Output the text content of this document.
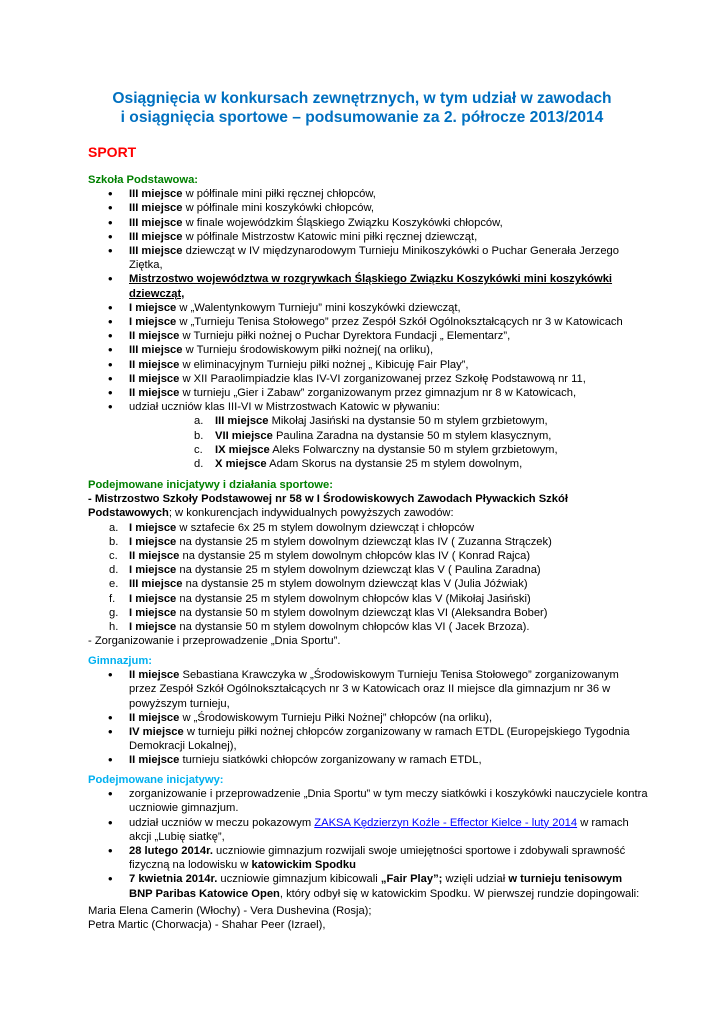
Osiągnięcia w konkursach zewnętrznych, w tym udział w zawodach
i osiągnięcia sportowe – podsumowanie za 2. półrocze 2013/2014
SPORT
Szkoła Podstawowa:
• III miejsce w półfinale mini piłki ręcznej chłopców,
• III miejsce w półfinale mini koszykówki chłopców,
• III miejsce w finale wojewódzkim Śląskiego Związku Koszykówki chłopców,
• III miejsce w półfinale Mistrzostw Katowic mini piłki ręcznej dziewcząt,
• III miejsce dziewcząt w IV międzynarodowym Turnieju Minikoszykówki o Puchar Generała Jerzego Ziętka,
• Mistrzostwo województwa w rozgrywkach Śląskiego Związku Koszykówki mini koszykówki dziewcząt,
• I miejsce w „Walentynkowym Turnieju” mini koszykówki dziewcząt,
• I miejsce w „Turnieju Tenisa Stołowego” przez Zespół Szkół Ogólnokształcących nr 3 w Katowicach
• II miejsce w Turnieju piłki nożnej o Puchar Dyrektora Fundacji „ Elementarz”,
• III miejsce w Turnieju środowiskowym piłki nożnej( na orliku),
• II miejsce w eliminacyjnym Turnieju piłki nożnej „ Kibicuję Fair Play”,
• II miejsce w XII Paraolimpiadzie klas IV-VI zorganizowanej przez Szkołę Podstawową nr 11,
• II miejsce w turnieju „Gier i Zabaw” zorganizowanym przez gimnazjum nr 8 w Katowicach,
• udział uczniów klas III-VI w Mistrzostwach Katowic w pływaniu:
a. III miejsce Mikołaj Jasiński na dystansie 50 m stylem grzbietowym,
b. VII miejsce Paulina Zaradna na dystansie 50 m stylem klasycznym,
c. IX miejsce Aleks Folwarczny na dystansie 50 m stylem grzbietowym,
d. X miejsce Adam Skorus na dystansie 25 m stylem dowolnym,
Podejmowane inicjatywy i działania sportowe:
- Mistrzostwo Szkoły Podstawowej nr 58 w I Środowiskowych Zawodach Pływackich Szkół
Podstawowych; w konkurencjach indywidualnych powyższych zawodów:
a. I miejsce w sztafecie 6x 25 m stylem dowolnym dziewcząt i chłopców
b. I miejsce na dystansie 25 m stylem dowolnym dziewcząt klas IV ( Zuzanna Strączek)
c. II miejsce na dystansie 25 m stylem dowolnym chłopców klas IV ( Konrad Rajca)
d. I miejsce na dystansie 25 m stylem dowolnym dziewcząt klas V ( Paulina Zaradna)
e. III miejsce na dystansie 25 m stylem dowolnym dziewcząt klas V (Julia Jóźwiak)
f. I miejsce na dystansie 25 m stylem dowolnym chłopców klas V (Mikołaj Jasiński)
g. I miejsce na dystansie 50 m stylem dowolnym dziewcząt klas VI (Aleksandra Bober)
h. I miejsce na dystansie 50 m stylem dowolnym chłopców klas VI ( Jacek Brzoza).
- Zorganizowanie i przeprowadzenie „Dnia Sportu”.
Gimnazjum:
• II miejsce Sebastiana Krawczyka w „Środowiskowym Turnieju Tenisa Stołowego” zorganizowanym przez Zespół Szkół Ogólnokształcących nr 3 w Katowicach oraz II miejsce dla gimnazjum nr 36 w powyższym turnieju,
• II miejsce w „Środowiskowym Turnieju Piłki Nożnej” chłopców (na orliku),
• IV miejsce w turnieju piłki nożnej chłopców zorganizowany w ramach ETDL (Europejskiego Tygodnia Demokracji Lokalnej),
• II miejsce turnieju siatkówki chłopców zorganizowany w ramach ETDL,
Podejmowane inicjatywy:
• zorganizowanie i przeprowadzenie „Dnia Sportu” w tym meczy siatkówki i koszykówki nauczyciele kontra uczniowie gimnazjum.
• udział uczniów w meczu pokazowym ZAKSA Kędzierzyn Koźle - Effector Kielce - luty 2014 w ramach akcji „Lubię siatkę”,
• 28 lutego 2014r. uczniowie gimnazjum rozwijali swoje umiejętności sportowe i zdobywali sprawność fizyczną na lodowisku w katowickim Spodku
• 7 kwietnia 2014r. uczniowie gimnazjum kibicowali „Fair Play”; wzięli udział w turnieju tenisowym BNP Paribas Katowice Open, który odbył się w katowickim Spodku. W pierwszej rundzie dopingowali:
Maria Elena Camerin (Włochy) - Vera Dushevina (Rosja);
Petra Martic (Chorwacja) - Shahar Peer (Izrael),
